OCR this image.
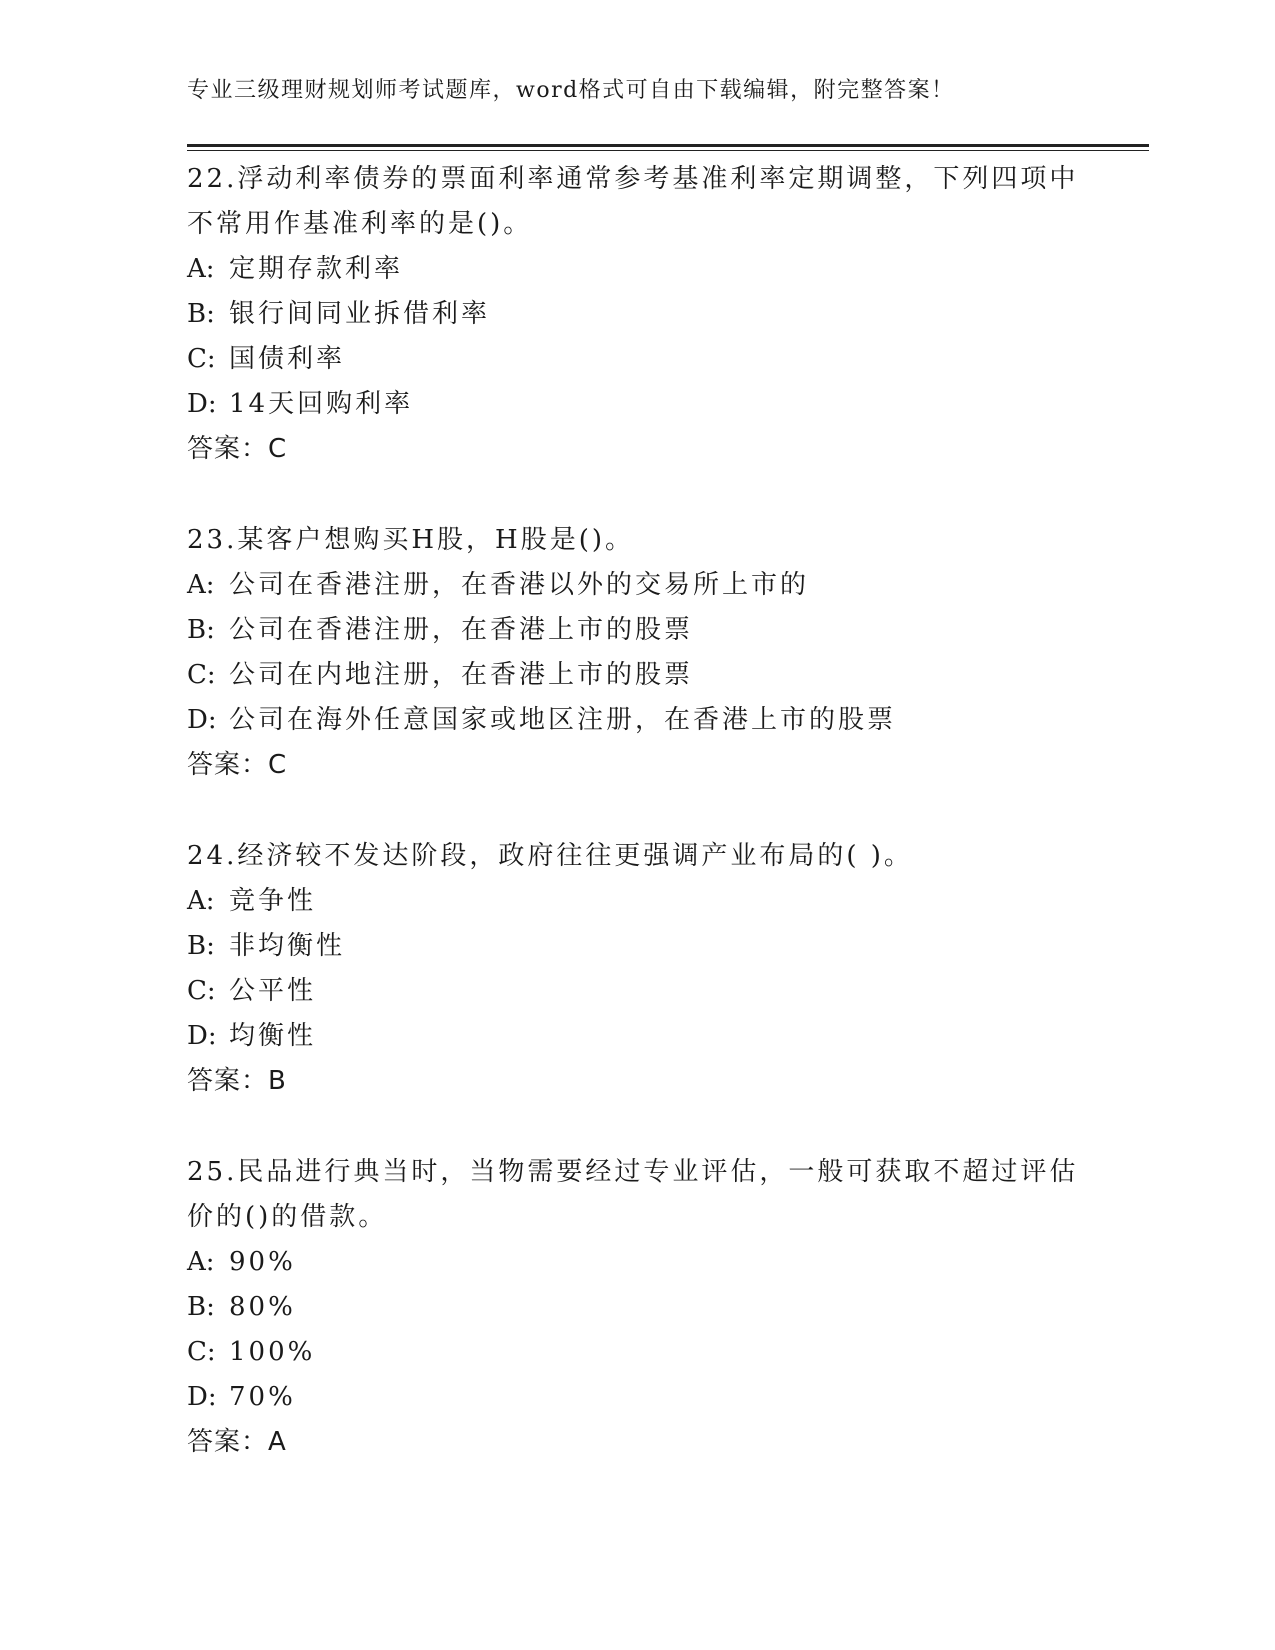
专业三级理财规划师考试题库，word格式可自由下载编辑，附完整答案！
22.浮动利率债券的票面利率通常参考基准利率定期调整，下列四项中不常用作基准利率的是()。
A: 定期存款利率
B: 银行间同业拆借利率
C: 国债利率
D: 14天回购利率
答案：C
23.某客户想购买H股，H股是()。
A: 公司在香港注册，在香港以外的交易所上市的
B: 公司在香港注册，在香港上市的股票
C: 公司在内地注册，在香港上市的股票
D: 公司在海外任意国家或地区注册，在香港上市的股票
答案：C
24.经济较不发达阶段，政府往往更强调产业布局的( )。
A: 竞争性
B: 非均衡性
C: 公平性
D: 均衡性
答案：B
25.民品进行典当时，当物需要经过专业评估，一般可获取不超过评估价的()的借款。
A: 90%
B: 80%
C: 100%
D: 70%
答案：A
